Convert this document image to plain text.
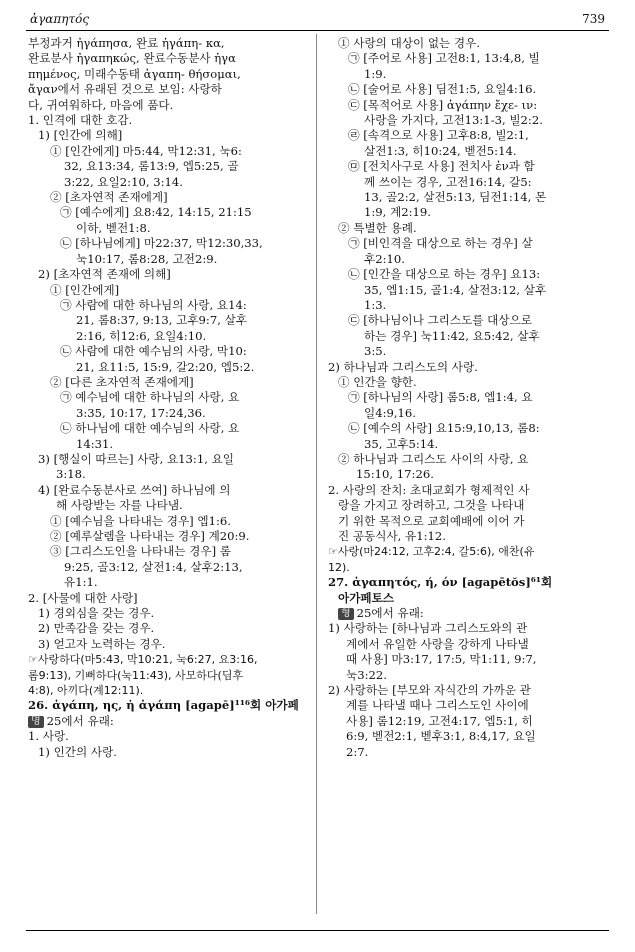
ἀγαπητός	739
부정과거 ἠγάπησα, 완료 ἠγάπη- κα,
완료분사 ἠγαπηκώς, 완료수동분사 ἠγα
πημένος, 미래수동태 ἀγαπη- θήσομαι,
ἄγαν에서 유래된 것으로 보임: 사랑하
다, 귀여워하다, 마음에 품다.
1. 인격에 대한 호감.
1) [인간에 의해]
① [인간에게] 마5:44, 막12:31, 눅6:
32, 요13:34, 롬13:9, 엡5:25, 골
3:22, 요일2:10, 3:14.
② [초자연적 존재에게]
㉠ [예수에게] 요8:42, 14:15, 21:15
이하, 벧전1:8.
㉡ [하나님에게] 마22:37, 막12:30,33,
눅10:17, 롬8:28, 고전2:9.
2) [초자연적 존재에 의해]
① [인간에게]
㉠ 사람에 대한 하나님의 사랑, 요14:
21, 롬8:37, 9:13, 고후9:7, 살후
2:16, 히12:6, 요일4:10.
㉡ 사람에 대한 예수님의 사랑, 막10:
21, 요11:5, 15:9, 갈2:20, 엡5:2.
② [다른 초자연적 존재에게]
㉠ 예수님에 대한 하나님의 사랑, 요
3:35, 10:17, 17:24,36.
㉡ 하나님에 대한 예수님의 사랑, 요
14:31.
3) [행실이 따르는] 사랑, 요13:1, 요일
3:18.
4) [완료수동분사로 쓰여] 하나님에 의
해 사랑받는 자를 나타냄.
① [예수님을 나타내는 경우] 엡1:6.
② [예루살렘을 나타내는 경우] 계20:9.
③ [그리스도인을 나타내는 경우] 롬
9:25, 골3:12, 살전1:4, 살후2:13,
유1:1.
2. [사물에 대한 사랑]
1) 경외심을 갖는 경우.
2) 만족감을 갖는 경우.
3) 얻고자 노력하는 경우.
☞사랑하다(마5:43, 막10:21, 눅6:27, 요3:16,
롬9:13), 기뻐하다(눅11:43), 사모하다(딤후
4:8), 아끼다(계12:11).
26. ἀγάπη, ης, ἡ ἀγάπη [agapē]¹¹⁶회 아가페
명 25에서 유래:
1. 사랑.
1) 인간의 사랑.
① 사랑의 대상이 없는 경우.
㉠ [주어로 사용] 고전8:1, 13:4,8, 빌
1:9.
㉡ [술어로 사용] 딤전1:5, 요일4:16.
㉢ [목적어로 사용] ἀγάπην ἔχε- ιν:
사랑을 가지다, 고전13:1-3, 빌2:2.
㉣ [속격으로 사용] 고후8:8, 빌2:1,
살전1:3, 히10:24, 벧전5:14.
㉤ [전치사구로 사용] 전치사 ἐν과 함
께 쓰이는 경우, 고전16:14, 갈5:
13, 골2:2, 살전5:13, 딤전1:14, 몬
1:9, 계2:19.
② 특별한 용례.
㉠ [비인격을 대상으로 하는 경우] 살
후2:10.
㉡ [인간을 대상으로 하는 경우] 요13:
35, 엡1:15, 골1:4, 살전3:12, 살후
1:3.
㉢ [하나님이나 그리스도를 대상으로
하는 경우] 눅11:42, 요5:42, 살후
3:5.
2) 하나님과 그리스도의 사랑.
① 인간을 향한.
㉠ [하나님의 사랑] 롬5:8, 엡1:4, 요
일4:9,16.
㉡ [예수의 사랑] 요15:9,10,13, 롬8:
35, 고후5:14.
② 하나님과 그리스도 사이의 사랑, 요
15:10, 17:26.
2. 사랑의 잔치: 초대교회가 형제적인 사
랑을 가지고 장려하고, 그것을 나타내
기 위한 목적으로 교회예배에 이어 가
진 공동식사, 유1:12.
☞사랑(마24:12, 고후2:4, 갈5:6), 애찬(유
12).
27. ἀγαπητός, ή, όν [agapētŏs]⁶¹회
아가페토스
형 25에서 유래:
1) 사랑하는 [하나님과 그리스도와의 관
계에서 유일한 사랑을 강하게 나타낼
때 사용] 마3:17, 17:5, 막1:11, 9:7,
눅3:22.
2) 사랑하는 [부모와 자식간의 가까운 관
계를 나타낼 때나 그리스도인 사이에
사용] 롬12:19, 고전4:17, 엡5:1, 히
6:9, 벧전2:1, 벧후3:1, 8:4,17, 요일
2:7.
